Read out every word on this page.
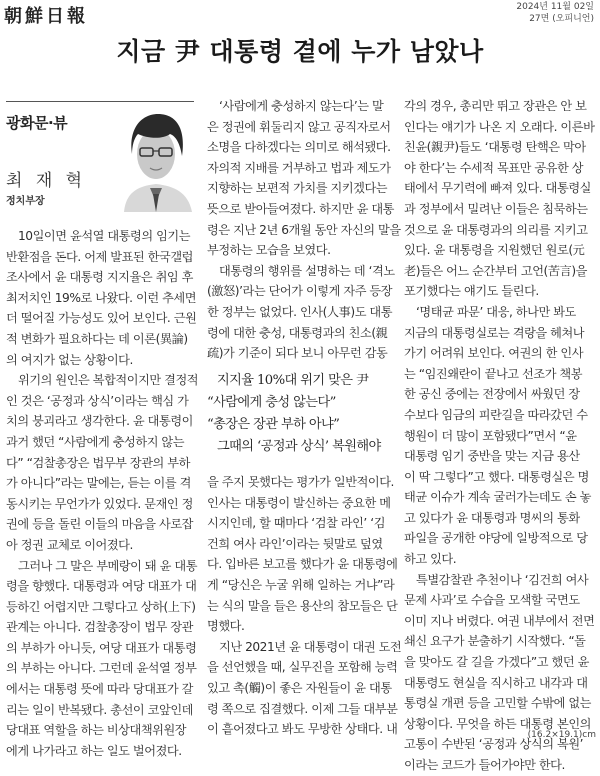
朝鮮日報	2024년 11월 02일
27면 (오피니언)
지금 尹 대통령 곁에 누가 남았나
광화문·뷰
최 재 혁
정치부장

10일이면 윤석열 대통령의 임기는

반환점을 돈다. 어제 발표된 한국갤럽

조사에서 윤 대통령 지지율은 취임 후

최저치인 19%로 나왔다. 이런 추세면

더 떨어질 가능성도 있어 보인다. 근원

적 변화가 필요하다는 데 이론(異論)

의 여지가 없는 상황이다.

위기의 원인은 복합적이지만 결정적

인 것은 ‘공정과 상식’이라는 핵심 가

치의 붕괴라고 생각한다. 윤 대통령이

과거 했던 “사람에게 충성하지 않는

다” “검찰총장은 법무부 장관의 부하

가 아니다”라는 말에는, 듣는 이를 격

동시키는 무언가가 있었다. 문재인 정

권에 등을 돌린 이들의 마음을 사로잡

아 정권 교체로 이어졌다.

그러나 그 말은 부메랑이 돼 윤 대통

령을 향했다. 대통령과 여당 대표가 대

등하긴 어렵지만 그렇다고 상하(上下)

관계는 아니다. 검찰총장이 법무 장관

의 부하가 아니듯, 여당 대표가 대통령

의 부하는 아니다. 그런데 윤석열 정부

에서는 대통령 뜻에 따라 당대표가 갈

리는 일이 반복됐다. 총선이 코앞인데

당대표 역할을 하는 비상대책위원장

에게 나가라고 하는 일도 벌어졌다.

‘사람에게 충성하지 않는다’는 말

은 정권에 휘둘리지 않고 공직자로서

소명을 다하겠다는 의미로 해석됐다.

자의적 지배를 거부하고 법과 제도가

지향하는 보편적 가치를 지키겠다는

뜻으로 받아들여졌다. 하지만 윤 대통

령은 지난 2년 6개월 동안 자신의 말을

부정하는 모습을 보였다.

대통령의 행위를 설명하는 데 ‘격노

(激怒)’라는 단어가 이렇게 자주 등장

한 정부는 없었다. 인사(人事)도 대통

령에 대한 충성, 대통령과의 친소(親

疏)가 기준이 되다 보니 아무런 감동

지지율 10%대 위기 맞은 尹

“사람에게 충성 않는다”

“총장은 장관 부하 아냐”

그때의 ‘공정과 상식’ 복원해야

을 주지 못했다는 평가가 일반적이다.

인사는 대통령이 발신하는 중요한 메

시지인데, 할 때마다 ‘검찰 라인’ ‘김

건희 여사 라인’이라는 뒷말로 덮였

다. 입바른 보고를 했다가 윤 대통령에

게 “당신은 누굴 위해 일하는 거냐”라

는 식의 말을 들은 용산의 참모들은 단

명했다.

지난 2021년 윤 대통령이 대권 도전

을 선언했을 때, 실무진을 포함해 능력

있고 촉(觸)이 좋은 자원들이 윤 대통

령 쪽으로 집결했다. 이제 그들 대부분

이 흩어졌다고 봐도 무방한 상태다. 내

각의 경우, 총리만 뛰고 장관은 안 보

인다는 얘기가 나온 지 오래다. 이른바

친윤(親尹)들도 ‘대통령 탄핵은 막아

야 한다’는 수세적 목표만 공유한 상

태에서 무기력에 빠져 있다. 대통령실

과 정부에서 밀려난 이들은 침묵하는

것으로 윤 대통령과의 의리를 지키고

있다. 윤 대통령을 지원했던 원로(元

老)들은 어느 순간부터 고언(苦言)을

포기했다는 얘기도 들린다.

‘명태균 파문’ 대응, 하나만 봐도

지금의 대통령실로는 격랑을 헤쳐나

가기 어려워 보인다. 여권의 한 인사

는 “임진왜란이 끝나고 선조가 책봉

한 공신 중에는 전장에서 싸웠던 장

수보다 임금의 피란길을 따라갔던 수

행원이 더 많이 포함됐다”면서 “윤

대통령 임기 중반을 맞는 지금 용산

이 딱 그렇다”고 했다. 대통령실은 명

태균 이슈가 계속 굴러가는데도 손 놓

고 있다가 윤 대통령과 명씨의 통화

파일을 공개한 야당에 일방적으로 당

하고 있다.

특별감찰관 추천이나 ‘김건희 여사

문제 사과’로 수습을 모색할 국면도

이미 지나 버렸다. 여권 내부에서 전면

쇄신 요구가 분출하기 시작했다. “돌

을 맞아도 갈 길을 가겠다”고 했던 윤

대통령도 현실을 직시하고 내각과 대

통령실 개편 등을 고민할 수밖에 없는

상황이다. 무엇을 하든 대통령 본인의

고통이 수반된 ‘공정과 상식의 복원’

이라는 코드가 들어가야만 한다.

(16.2×19.1)cm
